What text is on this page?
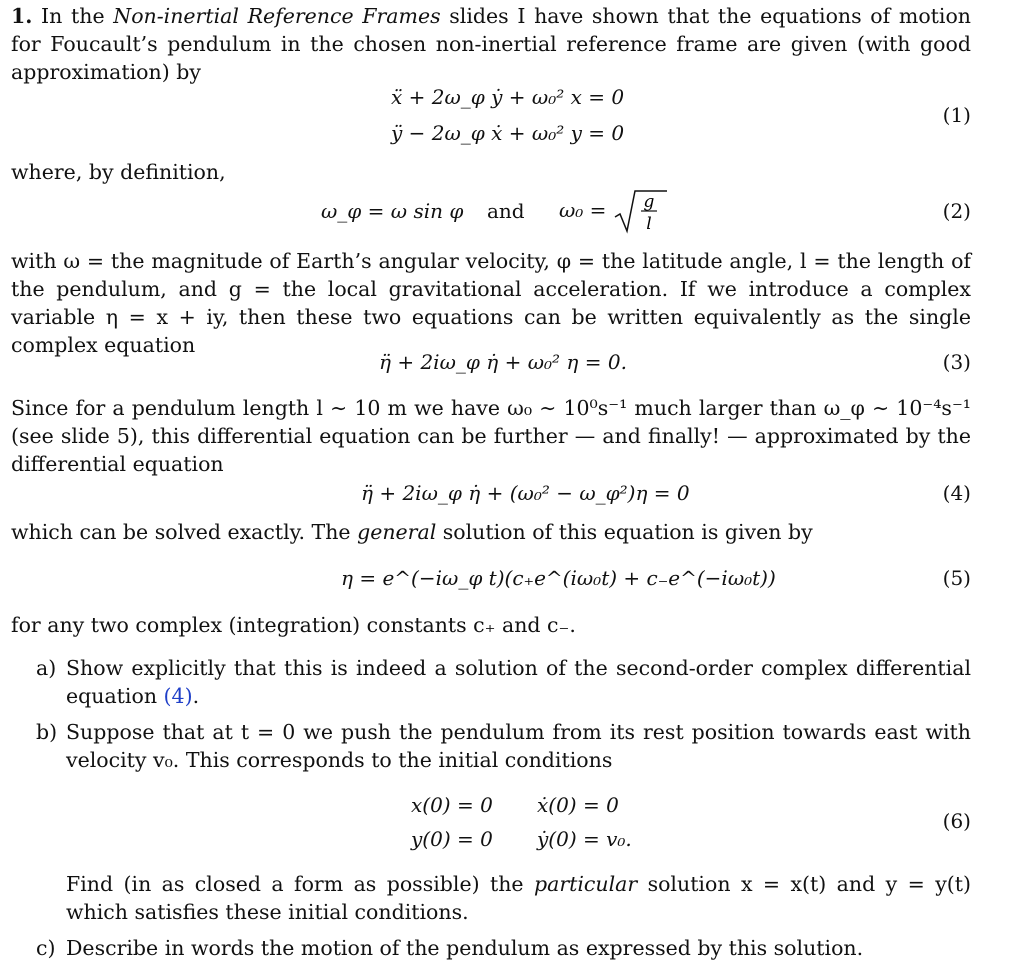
1. In the Non-inertial Reference Frames slides I have shown that the equations of motion for Foucault’s pendulum in the chosen non-inertial reference frame are given (with good approximation) by
ẍ + 2ω_φ ẏ + ω₀² x = 0
ÿ − 2ω_φ ẋ + ω₀² y = 0
(1)
where, by definition,
ω_φ = ω sin φ and ω₀ = g
l
(2)
with ω = the magnitude of Earth’s angular velocity, φ = the latitude angle, l = the length of the pendulum, and g = the local gravitational acceleration. If we introduce a complex variable η = x + iy, then these two equations can be written equivalently as the single complex equation
η̈ + 2iω_φ η̇ + ω₀² η = 0.	(3)
Since for a pendulum length l ∼ 10 m we have ω₀ ∼ 10⁰s⁻¹ much larger than ω_φ ∼ 10⁻⁴s⁻¹ (see slide 5), this differential equation can be further — and finally! — approximated by the differential equation
η̈ + 2iω_φ η̇ + (ω₀² − ω_φ²)η = 0	(4)
which can be solved exactly. The general solution of this equation is given by
η = e^(−iω_φ t)(c₊e^(iω₀t) + c₋e^(−iω₀t))	(5)
for any two complex (integration) constants c₊ and c₋.
a) Show explicitly that this is indeed a solution of the second-order complex differential equation (4).
b) Suppose that at t = 0 we push the pendulum from its rest position towards east with velocity v₀. This corresponds to the initial conditions
x(0) = 0 ẋ(0) = 0
y(0) = 0 ẏ(0) = v₀.
(6)
Find (in as closed a form as possible) the particular solution x = x(t) and y = y(t) which satisfies these initial conditions.
c) Describe in words the motion of the pendulum as expressed by this solution.
